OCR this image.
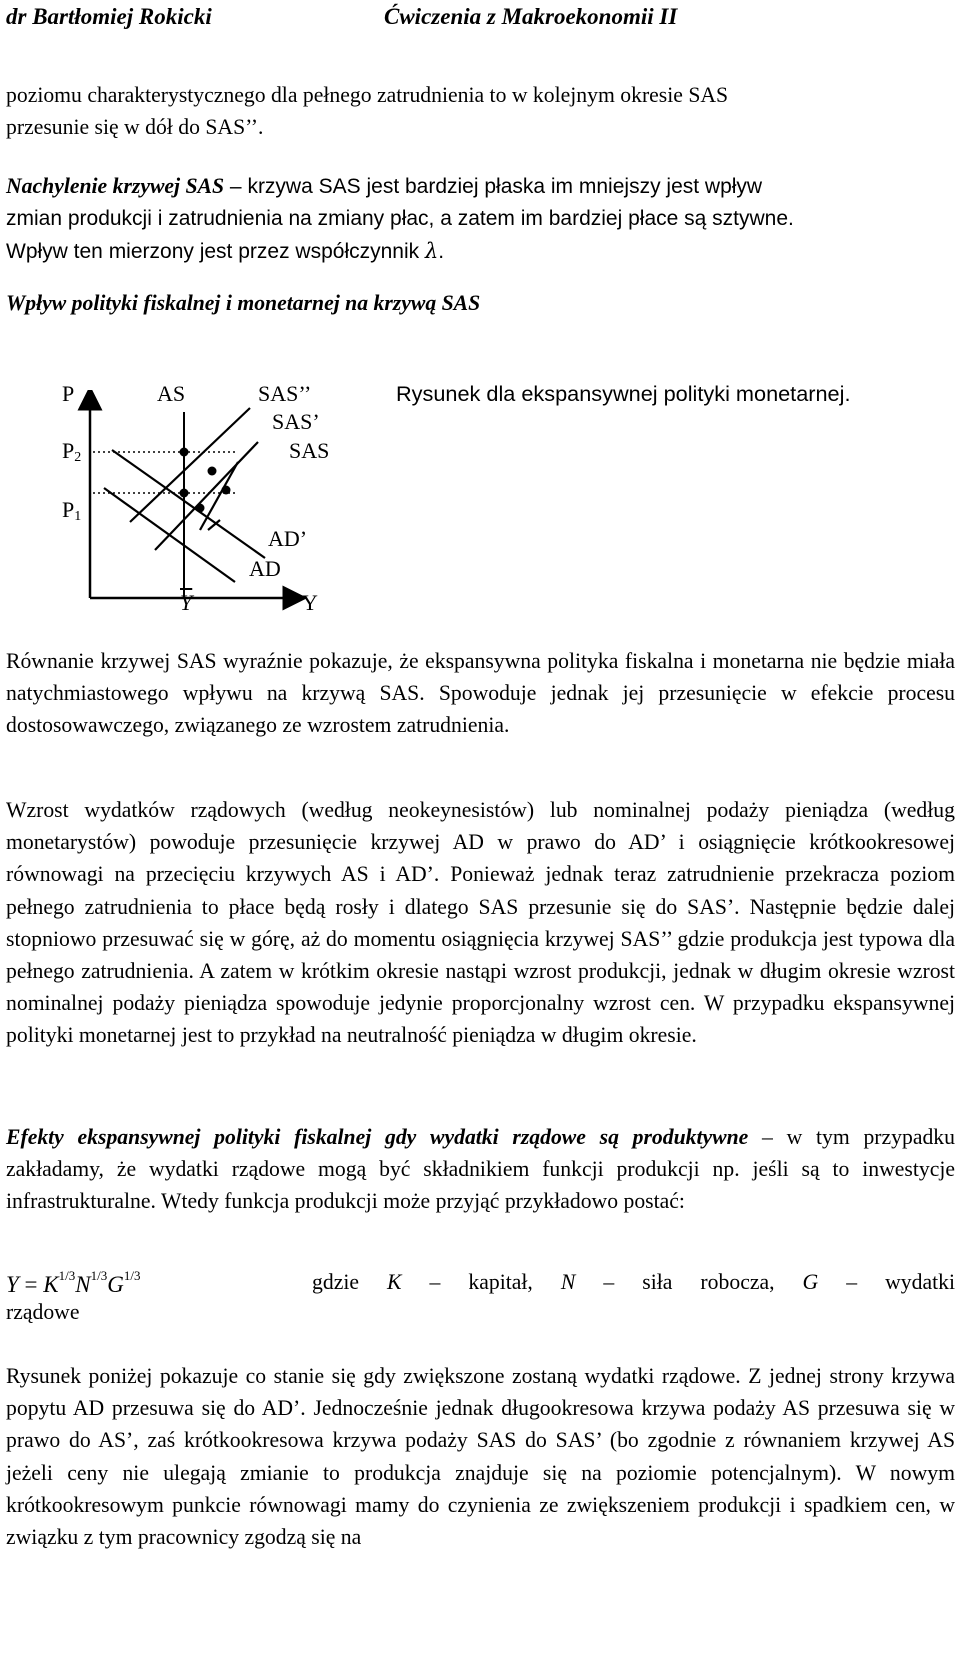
dr Bartłomiej Rokicki	Ćwiczenia z Makroekonomii II

poziomu charakterystycznego dla pełnego zatrudnienia to w kolejnym okresie SAS
przesunie się w dół do SAS’’.

Nachylenie krzywej SAS – krzywa SAS jest bardziej płaska im mniejszy jest wpływ
zmian produkcji i zatrudnienia na zmiany płac, a zatem im bardziej płace są sztywne.
Wpływ ten mierzony jest przez współczynnik λ.

Wpływ polityki fiskalnej i monetarnej na krzywą SAS
P
$P_2$
$P_1$
AS	SAS’’
SAS’
SAS
AD’
AD
$\overline{Y}$	Y
Rysunek dla ekspansywnej polityki monetarnej.

Równanie krzywej SAS wyraźnie pokazuje, że ekspansywna polityka fiskalna i monetarna nie będzie miała natychmiastowego wpływu na krzywą SAS. Spowoduje jednak jej przesunięcie w efekcie procesu dostosowawczego, związanego ze wzrostem zatrudnienia.

Wzrost wydatków rządowych (według neokeynesistów) lub nominalnej podaży pieniądza (według monetarystów) powoduje przesunięcie krzywej AD w prawo do AD’ i osiągnięcie krótkookresowej równowagi na przecięciu krzywych AS i AD’. Ponieważ jednak teraz zatrudnienie przekracza poziom pełnego zatrudnienia to płace będą rosły i dlatego SAS przesunie się do SAS’. Następnie będzie dalej stopniowo przesuwać się w górę, aż do momentu osiągnięcia krzywej SAS’’ gdzie produkcja jest typowa dla pełnego zatrudnienia. A zatem w krótkim okresie nastąpi wzrost produkcji, jednak w długim okresie wzrost nominalnej podaży pieniądza spowoduje jedynie proporcjonalny wzrost cen. W przypadku ekspansywnej polityki monetarnej jest to przykład na neutralność pieniądza w długim okresie.

Efekty ekspansywnej polityki fiskalnej gdy wydatki rządowe są produktywne – w tym przypadku zakładamy, że wydatki rządowe mogą być składnikiem funkcji produkcji np. jeśli są to inwestycje infrastrukturalne. Wtedy funkcja produkcji może przyjąć przykładowo postać:

$Y = K^{1/3}N^{1/3}G^{1/3}$	gdzie K – kapitał, N – siła robocza, G – wydatki
rządowe

Rysunek poniżej pokazuje co stanie się gdy zwiększone zostaną wydatki rządowe. Z jednej strony krzywa popytu AD przesuwa się do AD’. Jednocześnie jednak długookresowa krzywa podaży AS przesuwa się w prawo do AS’, zaś krótkookresowa krzywa podaży SAS do SAS’ (bo zgodnie z równaniem krzywej AS jeżeli ceny nie ulegają zmianie to produkcja znajduje się na poziomie potencjalnym). W nowym krótkookresowym punkcie równowagi mamy do czynienia ze zwiększeniem produkcji i spadkiem cen, w związku z tym pracownicy zgodzą się na
